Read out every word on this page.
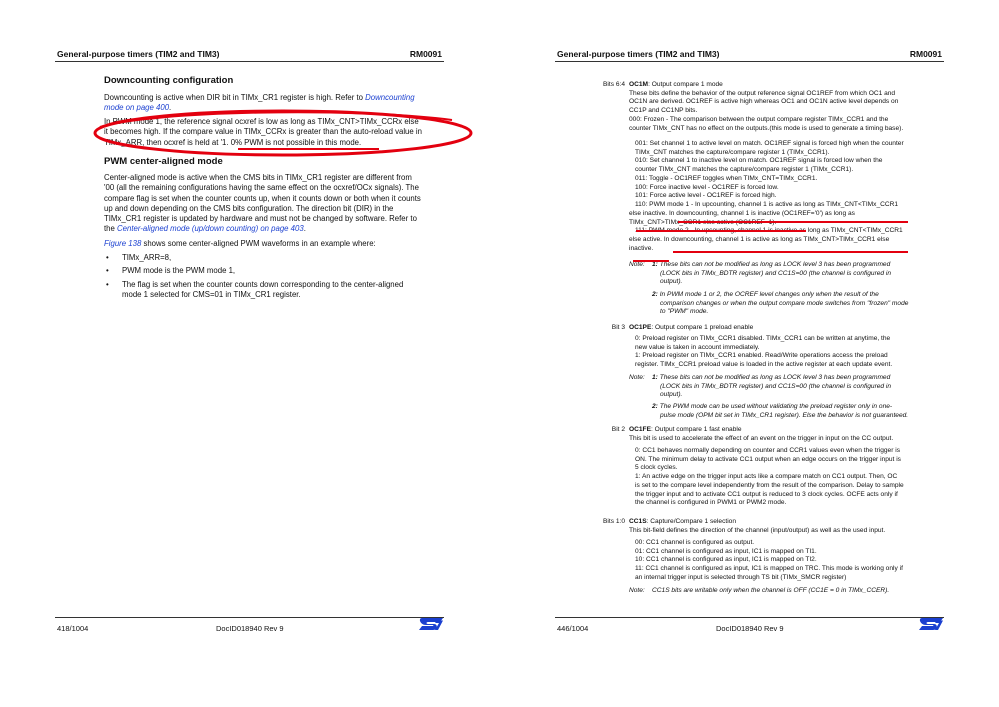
General-purpose timers (TIM2 and TIM3)	RM0091
Downcounting configuration

Downcounting is active when DIR bit in TIMx_CR1 register is high. Refer to Downcounting
mode on page 400.

In PWM mode 1, the reference signal ocxref is low as long as TIMx_CNT>TIMx_CCRx else
it becomes high. If the compare value in TIMx_CCRx is greater than the auto-reload value in
TIMx_ARR, then ocxref is held at '1. 0% PWM is not possible in this mode.

PWM center-aligned mode

Center-aligned mode is active when the CMS bits in TIMx_CR1 register are different from
'00 (all the remaining configurations having the same effect on the ocxref/OCx signals). The
compare flag is set when the counter counts up, when it counts down or both when it counts
up and down depending on the CMS bits configuration. The direction bit (DIR) in the
TIMx_CR1 register is updated by hardware and must not be changed by software. Refer to
the Center-aligned mode (up/down counting) on page 403.

Figure 138 shows some center-aligned PWM waveforms in an example where:

• TIMx_ARR=8,
• PWM mode is the PWM mode 1,
• The flag is set when the counter counts down corresponding to the center-aligned
mode 1 selected for CMS=01 in TIMx_CR1 register.
418/1004	DocID018940 Rev 9
General-purpose timers (TIM2 and TIM3)	RM0091
Bits 6:4 OC1M: Output compare 1 mode
These bits define the behavior of the output reference signal OC1REF from which OC1 and
OC1N are derived. OC1REF is active high whereas OC1 and OC1N active level depends on
CC1P and CC1NP bits.
000: Frozen - The comparison between the output compare register TIMx_CCR1 and the
counter TIMx_CNT has no effect on the outputs.(this mode is used to generate a timing base).
001: Set channel 1 to active level on match. OC1REF signal is forced high when the counter
TIMx_CNT matches the capture/compare register 1 (TIMx_CCR1).
010: Set channel 1 to inactive level on match. OC1REF signal is forced low when the
counter TIMx_CNT matches the capture/compare register 1 (TIMx_CCR1).
011: Toggle - OC1REF toggles when TIMx_CNT=TIMx_CCR1.
100: Force inactive level - OC1REF is forced low.
101: Force active level - OC1REF is forced high.
110: PWM mode 1 - In upcounting, channel 1 is active as long as TIMx_CNT<TIMx_CCR1
else inactive. In downcounting, channel 1 is inactive (OC1REF='0') as long as
TIMx_CNT>TIMx_CCR1 else active (OC1REF=1).
111: PWM mode 2 - In upcounting, channel 1 is inactive as long as TIMx_CNT<TIMx_CCR1
else active. In downcounting, channel 1 is active as long as TIMx_CNT>TIMx_CCR1 else
inactive.
Note:	1: These bits can not be modified as long as LOCK level 3 has been programmed
(LOCK bits in TIMx_BDTR register) and CC1S=00 (the channel is configured in
output).
2: In PWM mode 1 or 2, the OCREF level changes only when the result of the
comparison changes or when the output compare mode switches from "frozen" mode
to "PWM" mode.
Bit 3 OC1PE: Output compare 1 preload enable
0: Preload register on TIMx_CCR1 disabled. TIMx_CCR1 can be written at anytime, the
new value is taken in account immediately.
1: Preload register on TIMx_CCR1 enabled. Read/Write operations access the preload
register. TIMx_CCR1 preload value is loaded in the active register at each update event.
Note:	1: These bits can not be modified as long as LOCK level 3 has been programmed
(LOCK bits in TIMx_BDTR register) and CC1S=00 (the channel is configured in
output).
2: The PWM mode can be used without validating the preload register only in one-
pulse mode (OPM bit set in TIMx_CR1 register). Else the behavior is not guaranteed.
Bit 2 OC1FE: Output compare 1 fast enable
This bit is used to accelerate the effect of an event on the trigger in input on the CC output.
0: CC1 behaves normally depending on counter and CCR1 values even when the trigger is
ON. The minimum delay to activate CC1 output when an edge occurs on the trigger input is
5 clock cycles.
1: An active edge on the trigger input acts like a compare match on CC1 output. Then, OC
is set to the compare level independently from the result of the comparison. Delay to sample
the trigger input and to activate CC1 output is reduced to 3 clock cycles. OCFE acts only if
the channel is configured in PWM1 or PWM2 mode.
Bits 1:0 CC1S: Capture/Compare 1 selection
This bit-field defines the direction of the channel (input/output) as well as the used input.
00: CC1 channel is configured as output.
01: CC1 channel is configured as input, IC1 is mapped on TI1.
10: CC1 channel is configured as input, IC1 is mapped on TI2.
11: CC1 channel is configured as input, IC1 is mapped on TRC. This mode is working only if
an internal trigger input is selected through TS bit (TIMx_SMCR register)
Note:	CC1S bits are writable only when the channel is OFF (CC1E = 0 in TIMx_CCER).
446/1004	DocID018940 Rev 9
